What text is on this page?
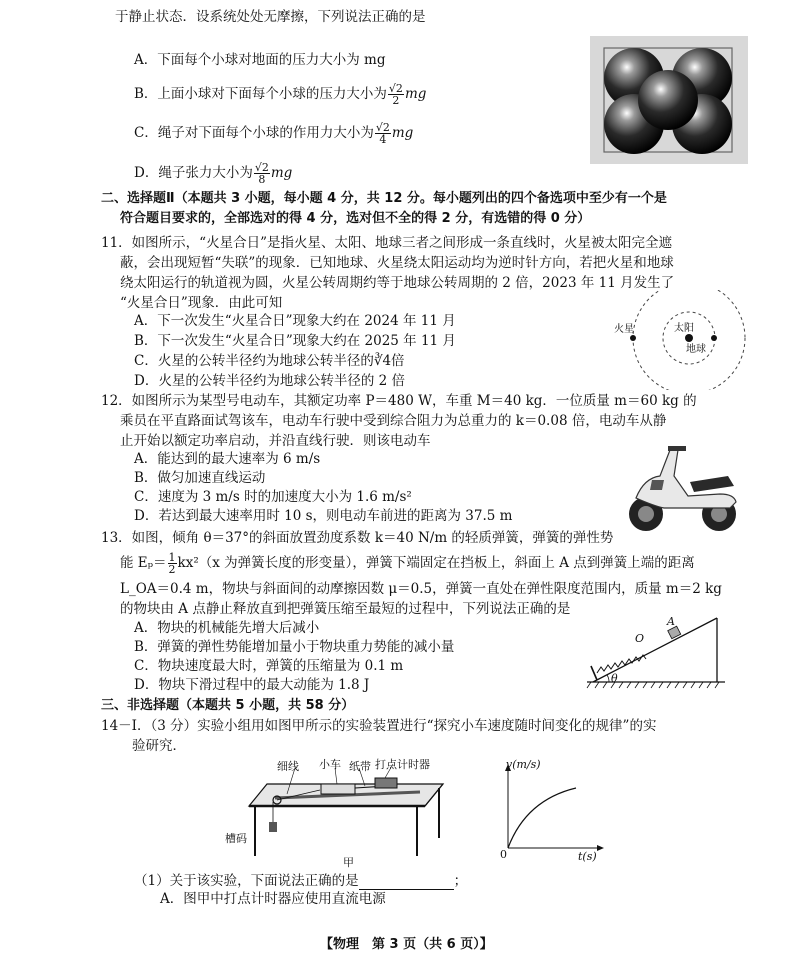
于静止状态．设系统处处无摩擦，下列说法正确的是
A．下面每个小球对地面的压力大小为 mg
B．上面小球对下面每个小球的压力大小为 $\frac{√2}{2}$ mg
C．绳子对下面每个小球的作用力大小为 $\frac{√2}{4}$ mg
D．绳子张力大小为 $\frac{√2}{8}$ mg
二、选择题Ⅱ（本题共 3 小题，每小题 4 分，共 12 分。每小题列出的四个备选项中至少有一个是
符合题目要求的，全部选对的得 4 分，选对但不全的得 2 分，有选错的得 0 分）
11．如图所示，“火星合日”是指火星、太阳、地球三者之间形成一条直线时，火星被太阳完全遮
蔽，会出现短暂“失联”的现象．已知地球、火星绕太阳运动均为逆时针方向，若把火星和地球
绕太阳运行的轨道视为圆，火星公转周期约等于地球公转周期的 2 倍，2023 年 11 月发生了
“火星合日”现象．由此可知
A．下一次发生“火星合日”现象大约在 2024 年 11 月
B．下一次发生“火星合日”现象大约在 2025 年 11 月
C．火星的公转半径约为地球公转半径的∛4倍
D．火星的公转半径约为地球公转半径的 2 倍
火星	太阳
地球
12．如图所示为某型号电动车，其额定功率 P＝480 W，车重 M＝40 kg．一位质量 m＝60 kg 的
乘员在平直路面试驾该车，电动车行驶中受到综合阻力为总重力的 k＝0.08 倍，电动车从静
止开始以额定功率启动，并沿直线行驶．则该电动车
A．能达到的最大速率为 6 m/s
B．做匀加速直线运动
C．速度为 3 m/s 时的加速度大小为 1.6 m/s²
D．若达到最大速率用时 10 s，则电动车前进的距离为 37.5 m
13．如图，倾角 θ＝37°的斜面放置劲度系数 k＝40 N/m 的轻质弹簧，弹簧的弹性势
能 $E_p= \frac{1}{2} kx^2(x$ 为弹簧长度的形变量），弹簧下端固定在挡板上，斜面上 A 点到弹簧上端的距离
L_OA＝0.4 m，物块与斜面间的动摩擦因数 μ＝0.5，弹簧一直处在弹性限度范围内，质量 m＝2 kg
的物块由 A 点静止释放直到把弹簧压缩至最短的过程中，下列说法正确的是
A．物块的机械能先增大后减小
B．弹簧的弹性势能增加量小于物块重力势能的减小量
C．物块速度最大时，弹簧的压缩量为 0.1 m
D．物块下滑过程中的最大动能为 1.8 J
O
A
θ
三、非选择题（本题共 5 小题，共 58 分）
14－Ⅰ．（3 分）实验小组用如图甲所示的实验装置进行“探究小车速度随时间变化的规律”的实
验研究．
细线 小车 纸带 打点计时器
槽码
甲
v(m/s)
t(s)
0
（1）关于该实验，下面说法正确的是	；
A．图甲中打点计时器应使用直流电源
【物理　第 3 页（共 6 页）】
